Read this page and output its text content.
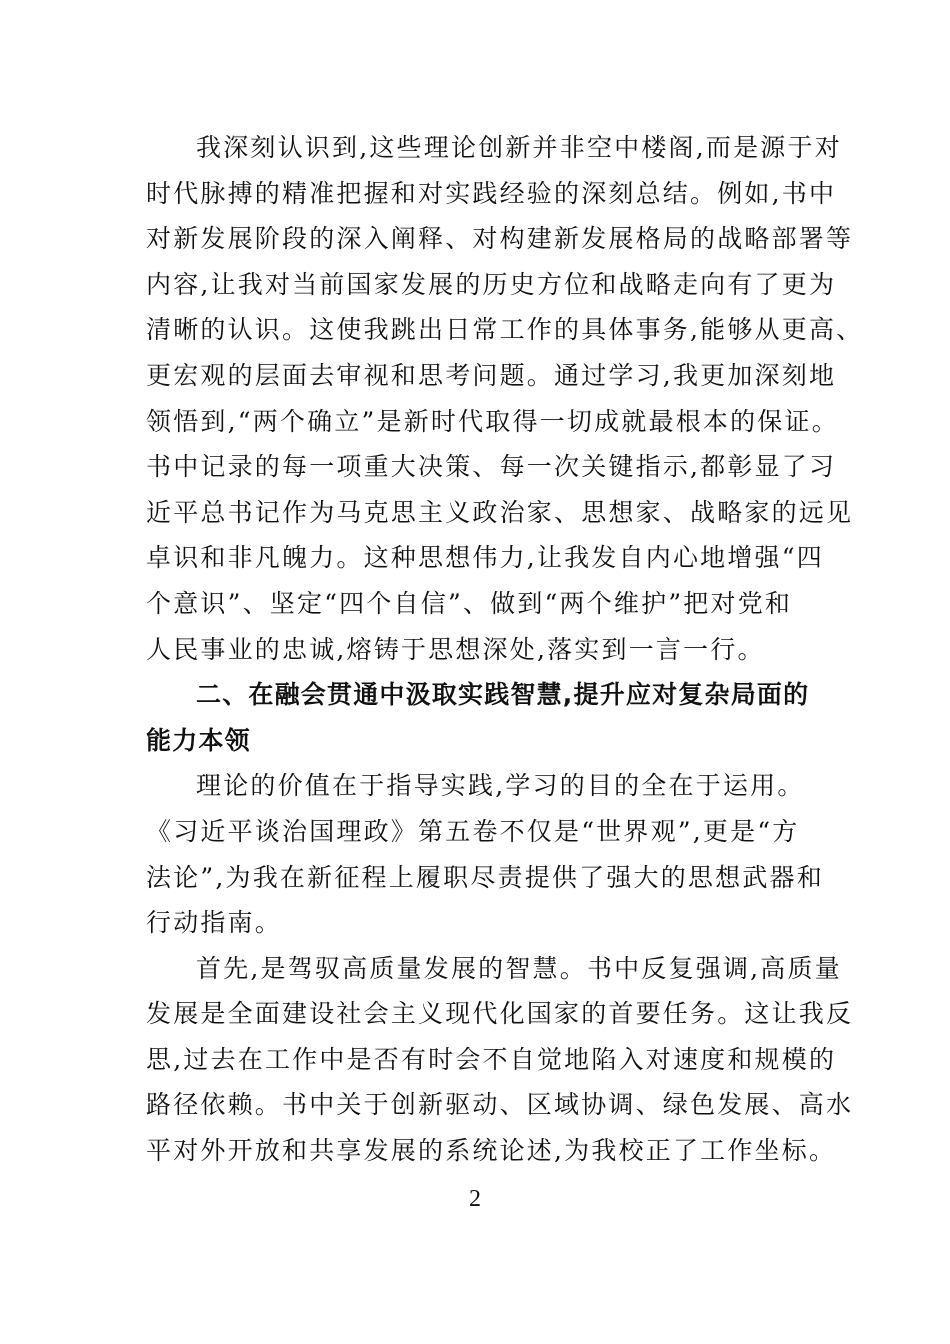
我深刻认识到,这些理论创新并非空中楼阁,而是源于对
时代脉搏的精准把握和对实践经验的深刻总结。例如,书中
对新发展阶段的深入阐释、对构建新发展格局的战略部署等
内容,让我对当前国家发展的历史方位和战略走向有了更为
清晰的认识。这使我跳出日常工作的具体事务,能够从更高、
更宏观的层面去审视和思考问题。通过学习,我更加深刻地
领悟到,“两个确立”是新时代取得一切成就最根本的保证。
书中记录的每一项重大决策、每一次关键指示,都彰显了习
近平总书记作为马克思主义政治家、思想家、战略家的远见
卓识和非凡魄力。这种思想伟力,让我发自内心地增强“四
个意识”、坚定“四个自信”、做到“两个维护”把对党和
人民事业的忠诚,熔铸于思想深处,落实到一言一行。
二、在融会贯通中汲取实践智慧,提升应对复杂局面的
能力本领
理论的价值在于指导实践,学习的目的全在于运用。
《习近平谈治国理政》第五卷不仅是“世界观”,更是“方
法论”,为我在新征程上履职尽责提供了强大的思想武器和
行动指南。
首先,是驾驭高质量发展的智慧。书中反复强调,高质量
发展是全面建设社会主义现代化国家的首要任务。这让我反
思,过去在工作中是否有时会不自觉地陷入对速度和规模的
路径依赖。书中关于创新驱动、区域协调、绿色发展、高水
平对外开放和共享发展的系统论述,为我校正了工作坐标。
2
